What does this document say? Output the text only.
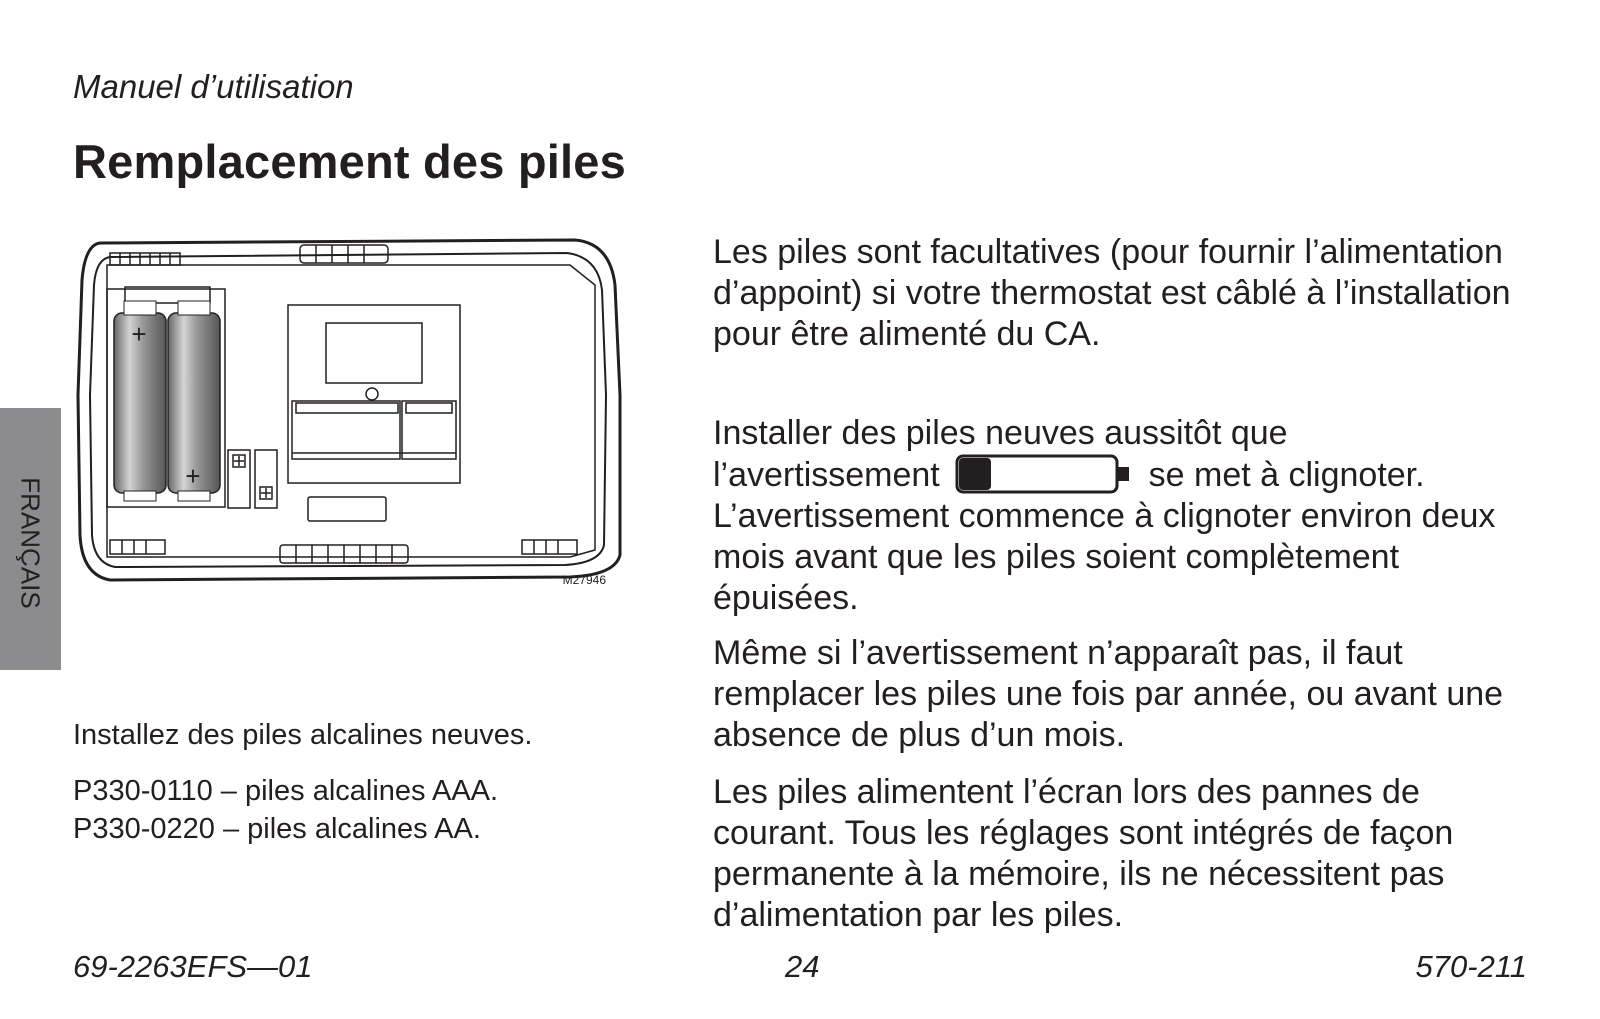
Manuel d’utilisation
Remplacement des piles
FRANÇAIS
+
+
M27946
Installez des piles alcalines neuves.
P330-0110 – piles alcalines AAA.
P330-0220 – piles alcalines AA.

Les piles sont facultatives (pour fournir l’alimentation d’appoint) si votre thermostat est câblé à l’installation pour être alimenté du CA.

Installer des piles neuves aussitôt que l’avertissement	se met à clignoter. L’avertissement commence à clignoter environ deux mois avant que les piles soient complètement épuisées.

Même si l’avertissement n’apparaît pas, il faut remplacer les piles une fois par année, ou avant une absence de plus d’un mois.

Les piles alimentent l’écran lors des pannes de courant. Tous les réglages sont intégrés de façon permanente à la mémoire, ils ne nécessitent pas d’alimentation par les piles.

69-2263EFS—01	24	570-211
